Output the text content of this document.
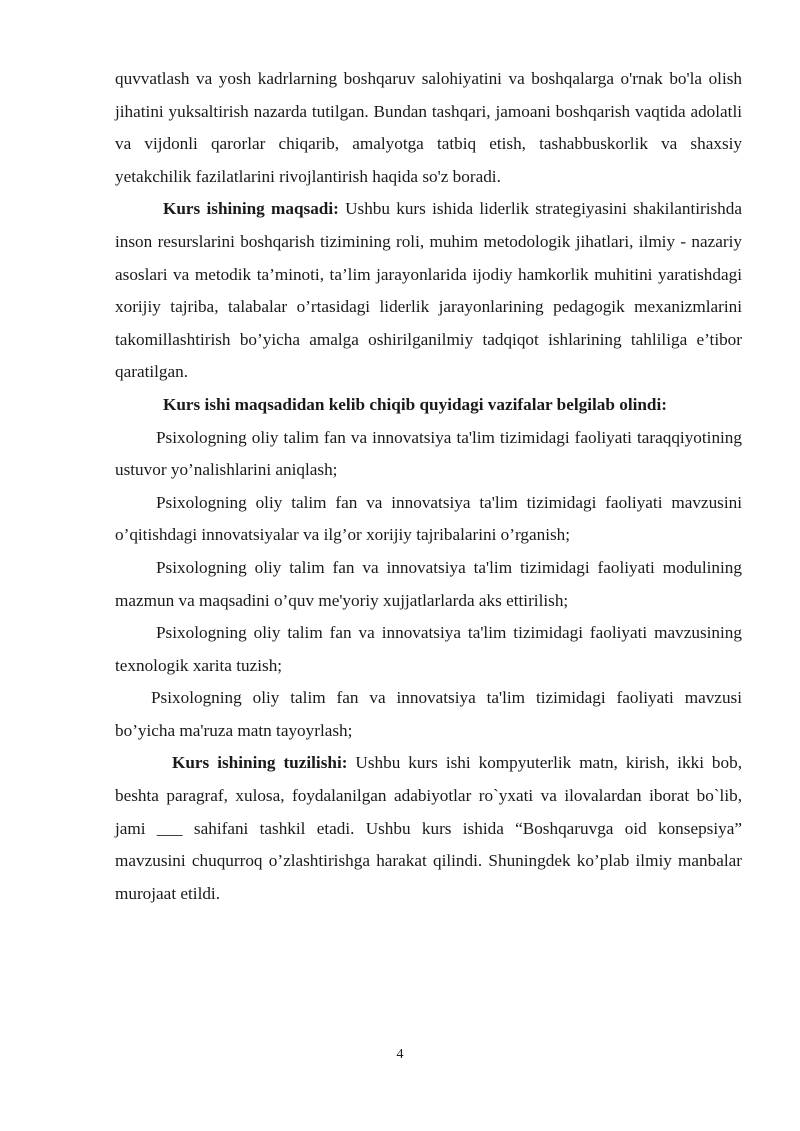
quvvatlash va yosh kadrlarning boshqaruv salohiyatini va boshqalarga o'rnak bo'la olish jihatini yuksaltirish nazarda tutilgan. Bundan tashqari, jamoani boshqarish vaqtida adolatli va vijdonli qarorlar chiqarib, amalyotga tatbiq etish, tashabbuskorlik va shaxsiy yetakchilik fazilatlarini rivojlantirish haqida so'z boradi.

Kurs ishining maqsadi: Ushbu kurs ishida liderlik strategiyasini shakilantirishda inson resurslarini boshqarish tizimining roli, muhim metodologik jihatlari, ilmiy - nazariy asoslari va metodik ta’minoti, ta’lim jarayonlarida ijodiy hamkorlik muhitini yaratishdagi xorijiy tajriba, talabalar o’rtasidagi liderlik jarayonlarining pedagogik mexanizmlarini takomillashtirish bo’yicha amalga oshirilganilmiy tadqiqot ishlarining tahliliga e’tibor qaratilgan.

Kurs ishi maqsadidan kelib chiqib quyidagi vazifalar belgilab olindi:

Psixologning oliy talim fan va innovatsiya ta'lim tizimidagi faoliyati taraqqiyotining ustuvor yo’nalishlarini aniqlash;

Psixologning oliy talim fan va innovatsiya ta'lim tizimidagi faoliyati mavzusini o’qitishdagi innovatsiyalar va ilg’or xorijiy tajribalarini o’rganish;

Psixologning oliy talim fan va innovatsiya ta'lim tizimidagi faoliyati modulining mazmun va maqsadini o’quv me'yoriy xujjatlarlarda aks ettirilish;

Psixologning oliy talim fan va innovatsiya ta'lim tizimidagi faoliyati mavzusining texnologik xarita tuzish;

Psixologning oliy talim fan va innovatsiya ta'lim tizimidagi faoliyati mavzusi bo’yicha ma'ruza matn tayoyrlash;

Kurs ishining tuzilishi: Ushbu kurs ishi kompyuterlik matn, kirish, ikki bob, beshta paragraf, xulosa, foydalanilgan adabiyotlar ro`yxati va ilovalardan iborat bo`lib, jami ___ sahifani tashkil etadi. Ushbu kurs ishida “Boshqaruvga oid konsepsiya” mavzusini chuqurroq o’zlashtirishga harakat qilindi. Shuningdek ko’plab ilmiy manbalar murojaat etildi.

4
